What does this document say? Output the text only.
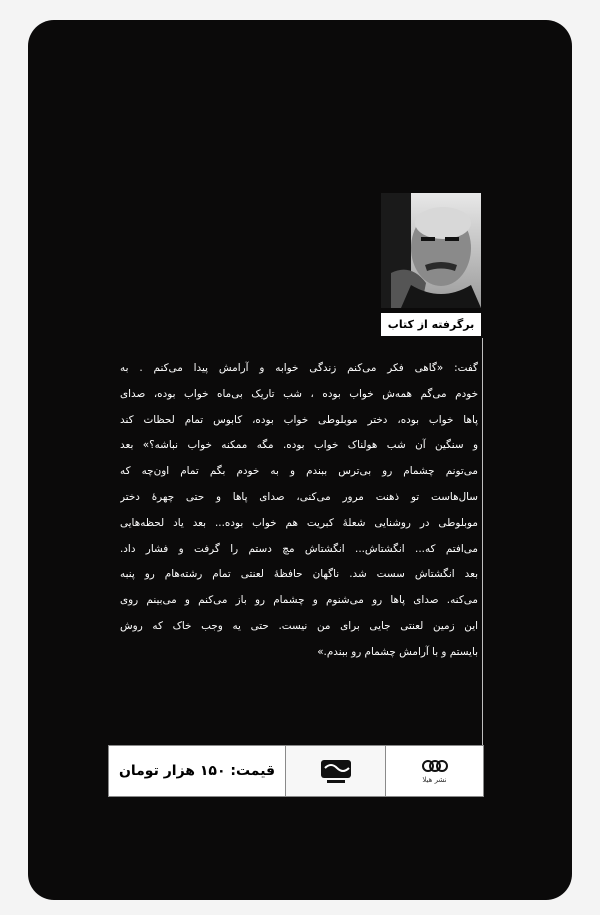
برگرفته از کتاب
گفت: «گاهی فکر می‌کنم زندگی خوابه و آرامش پیدا می‌کنم . به
خودم می‌گم همه‌ش خواب بوده ، شب تاریک بی‌ماه خواب بوده، صدای
پاها خواب بوده، دختر موبلوطی خواب بوده، کابوس تمام لحظات کند
و سنگین آن شب هولناک خواب بوده. مگه ممکنه خواب نباشه؟» بعد
می‌تونم چشمام رو بی‌ترس ببندم و به خودم بگم تمام اون‌چه که
سال‌هاست تو ذهنت مرور می‌کنی، صدای پاها و حتی چهرهٔ دختر
موبلوطی در روشنایی شعلهٔ کبریت هم خواب بوده... بعد یاد لحظه‌هایی
می‌افتم که... انگشتاش... انگشتاش مچ دستم را گرفت و فشار داد.
بعد انگشتاش سست شد. ناگهان حافظهٔ لعنتی تمام رشته‌هام رو پنبه
می‌کنه. صدای پاها رو می‌شنوم و چشمام رو باز می‌کنم و می‌بینم روی
این زمین لعنتی جایی برای من نیست. حتی یه وجب خاک که روش
بایستم و با آرامش چشمام رو ببندم.»
قیمت: ۱۵۰ هزار تومان
نشر هیلا
